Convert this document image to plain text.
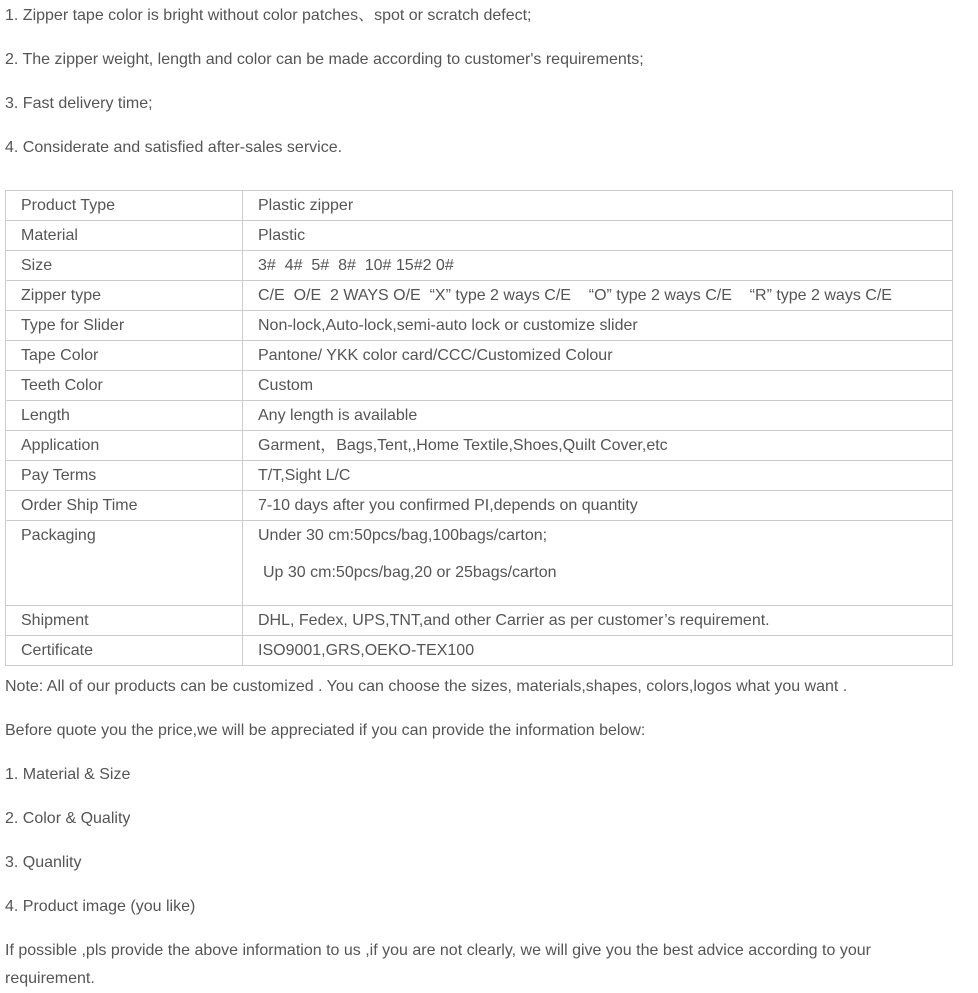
1. Zipper tape color is bright without color patches、spot or scratch defect;

2. The zipper weight, length and color can be made according to customer's requirements;

3. Fast delivery time;

4. Considerate and satisfied after-sales service.

Product Type	Plastic zipper
Material	Plastic
Size	3#  4#  5#  8#  10# 15#2 0#
Zipper type	C/E  O/E  2 WAYS O/E  “X” type 2 ways C/E    “O” type 2 ways C/E    “R” type 2 ways C/E
Type for Slider	Non-lock,Auto-lock,semi-auto lock or customize slider
Tape Color	Pantone/ YKK color card/CCC/Customized Colour
Teeth Color	Custom
Length	Any length is available
Application	Garment，Bags,Tent,,Home Textile,Shoes,Quilt Cover,etc
Pay Terms	T/T,Sight L/C
Order Ship Time	7-10 days after you confirmed PI,depends on quantity
Packaging	Under 30 cm:50pcs/bag,100bags/carton;
Up 30 cm:50pcs/bag,20 or 25bags/carton

Shipment	DHL, Fedex, UPS,TNT,and other Carrier as per customer’s requirement.
Certificate	ISO9001,GRS,OEKO-TEX100

Note: All of our products can be customized . You can choose the sizes, materials,shapes, colors,logos what you want .

Before quote you the price,we will be appreciated if you can provide the information below:

1. Material & Size

2. Color & Quality

3. Quanlity

4. Product image (you like)

If possible ,pls provide the above information to us ,if you are not clearly, we will give you the best advice according to your requirement.
